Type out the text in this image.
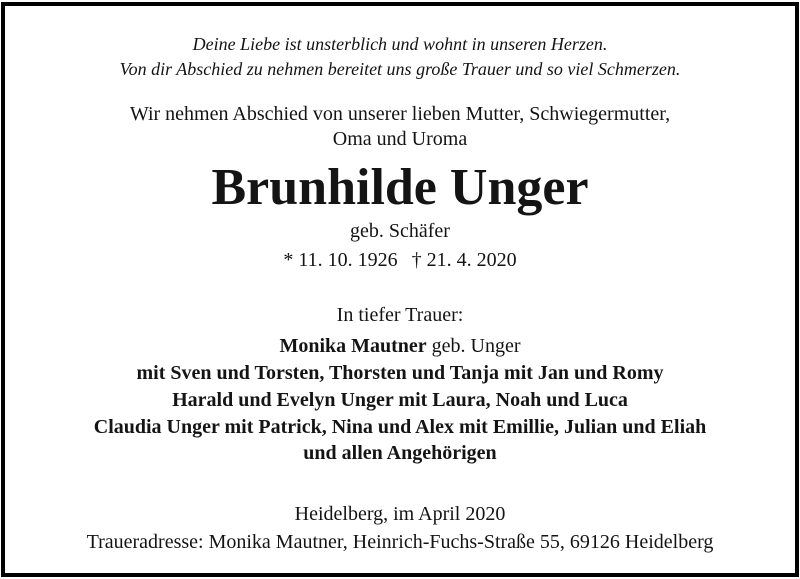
Deine Liebe ist unsterblich und wohnt in unseren Herzen.
Von dir Abschied zu nehmen bereitet uns große Trauer und so viel Schmerzen.
Wir nehmen Abschied von unserer lieben Mutter, Schwiegermutter,
Oma und Uroma
Brunhilde Unger
geb. Schäfer
* 11. 10. 1926 † 21. 4. 2020
In tiefer Trauer:
Monika Mautner geb. Unger
mit Sven und Torsten, Thorsten und Tanja mit Jan und Romy
Harald und Evelyn Unger mit Laura, Noah und Luca
Claudia Unger mit Patrick, Nina und Alex mit Emillie, Julian und Eliah
und allen Angehörigen
Heidelberg, im April 2020
Traueradresse: Monika Mautner, Heinrich-Fuchs-Straße 55, 69126 Heidelberg
